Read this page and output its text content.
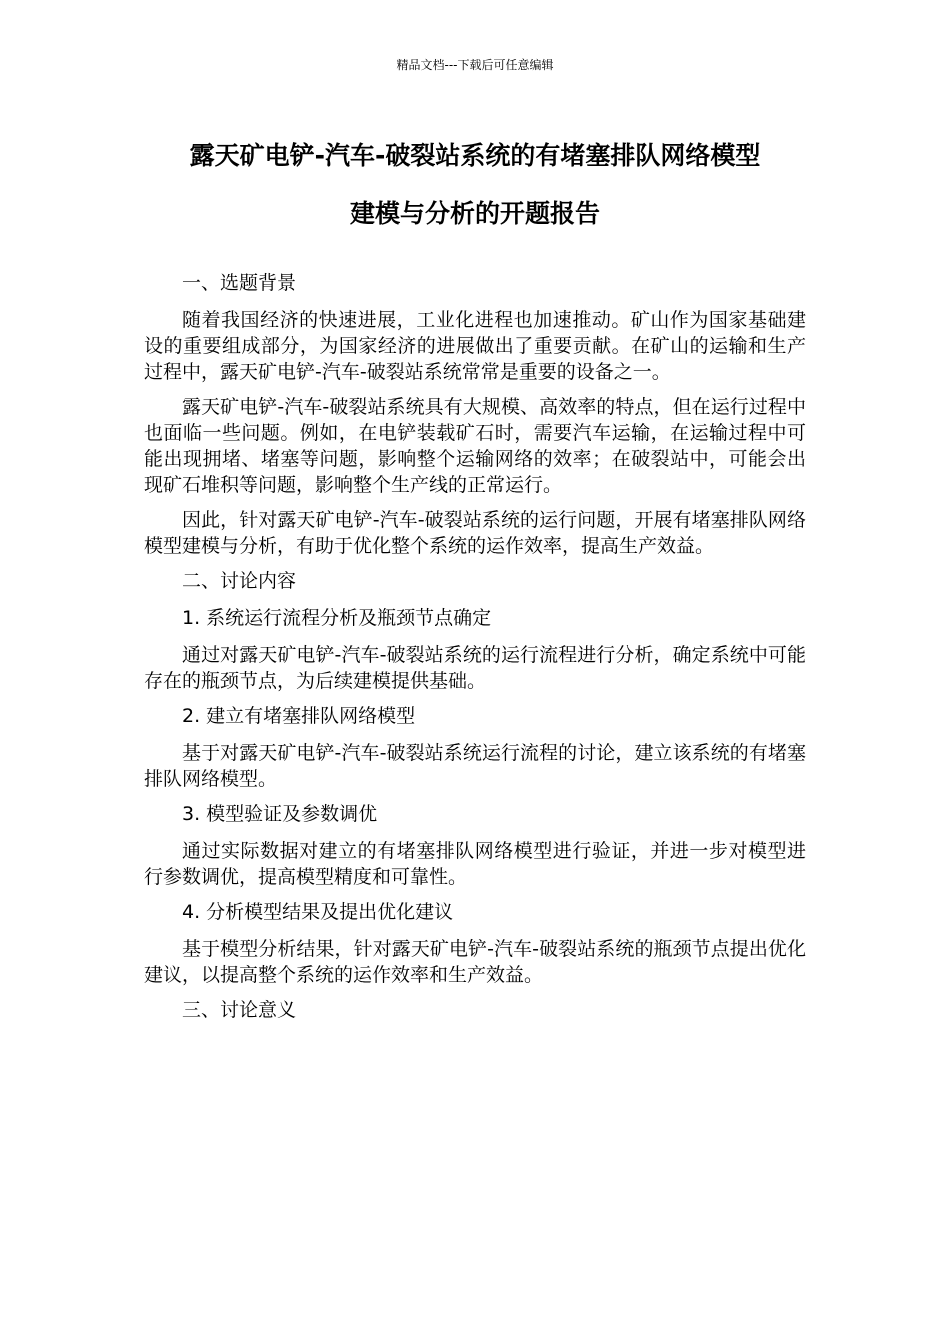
精品文档---下载后可任意编辑
露天矿电铲-汽车-破裂站系统的有堵塞排队网络模型
建模与分析的开题报告

一、选题背景

随着我国经济的快速进展，工业化进程也加速推动。矿山作为国家基础建设的重要组成部分，为国家经济的进展做出了重要贡献。在矿山的运输和生产过程中，露天矿电铲-汽车-破裂站系统常常是重要的设备之一。

露天矿电铲-汽车-破裂站系统具有大规模、高效率的特点，但在运行过程中也面临一些问题。例如，在电铲装载矿石时，需要汽车运输，在运输过程中可能出现拥堵、堵塞等问题，影响整个运输网络的效率；在破裂站中，可能会出现矿石堆积等问题，影响整个生产线的正常运行。

因此，针对露天矿电铲-汽车-破裂站系统的运行问题，开展有堵塞排队网络模型建模与分析，有助于优化整个系统的运作效率，提高生产效益。

二、讨论内容

1. 系统运行流程分析及瓶颈节点确定

通过对露天矿电铲-汽车-破裂站系统的运行流程进行分析，确定系统中可能存在的瓶颈节点，为后续建模提供基础。

2. 建立有堵塞排队网络模型

基于对露天矿电铲-汽车-破裂站系统运行流程的讨论，建立该系统的有堵塞排队网络模型。

3. 模型验证及参数调优

通过实际数据对建立的有堵塞排队网络模型进行验证，并进一步对模型进行参数调优，提高模型精度和可靠性。

4. 分析模型结果及提出优化建议

基于模型分析结果，针对露天矿电铲-汽车-破裂站系统的瓶颈节点提出优化建议，以提高整个系统的运作效率和生产效益。

三、讨论意义
